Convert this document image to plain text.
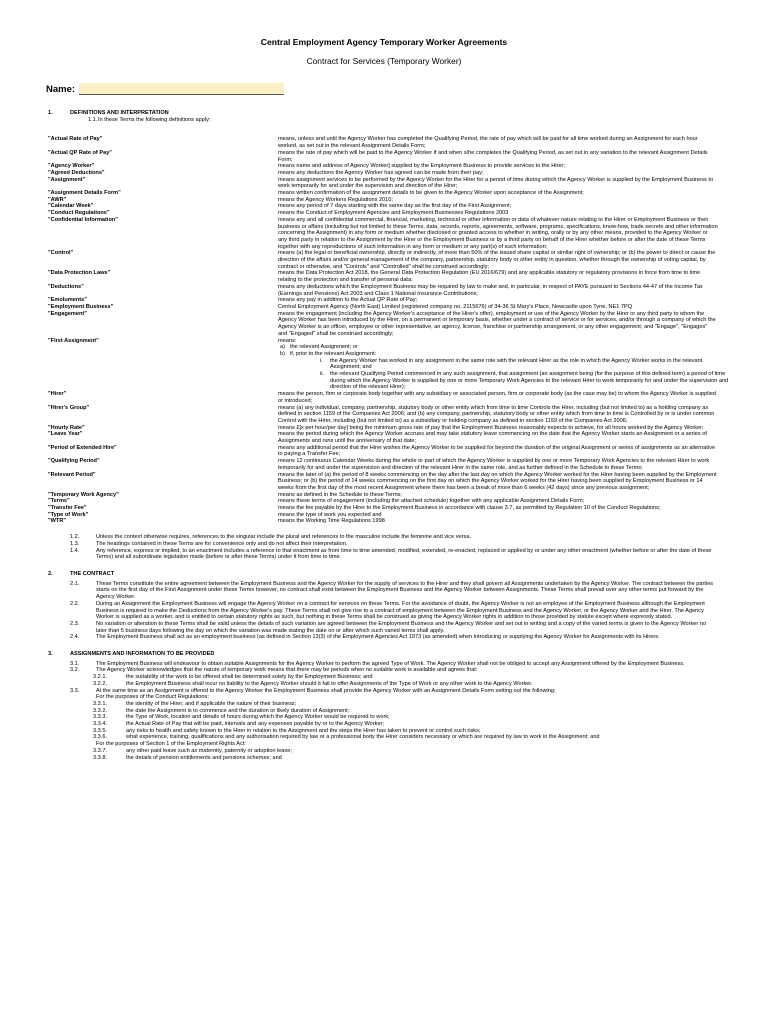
Central Employment Agency Temporary Worker Agreements
Contract for Services (Temporary Worker)
Name:
1.	DEFINITIONS AND INTERPRETATION
1.1. In these Terms the following definitions apply:
"Actual Rate of Pay"	means, unless and until the Agency Worker has completed the Qualifying Period, the rate of pay which will be paid for all time worked during an Assignment for each hour worked, as set out in the relevant Assignment Details Form;
"Actual QP Rate of Pay"	means the rate of pay which will be paid to the Agency Worker if and when s/he completes the Qualifying Period, as set out in any variation to the relevant Assignment Details Form;
"Agency Worker"	means name and address of Agency Worker] supplied by the Employment Business to provide services to the Hirer;
"Agreed Deductions"	means any deductions the Agency Worker has agreed can be made from their pay;
"Assignment"	means assignment services to be performed by the Agency Worker for the Hirer for a period of time during which the Agency Worker is supplied by the Employment Business to work temporarily for and under the supervision and direction of the Hirer;
"Assignment Details Form"	means written confirmation of the assignment details to be given to the Agency Worker upon acceptance of the Assignment;
"AWR"	means the Agency Workers Regulations 2010;
"Calendar Week"	means any period of 7 days starting with the same day as the first day of the First Assignment;
"Conduct Regulations"	means the Conduct of Employment Agencies and Employment Businesses Regulations 2003
"Confidential Information"	means any and all confidential commercial, financial, marketing, technical or other information or data of whatever nature relating to the Hirer or Employment Business or their business or affairs (including but not limited to these Terms, data, records, reports, agreements, software, programs, specifications, know-how, trade secrets and other information concerning the Assignment) in any form or medium whether disclosed or granted access to whether in writing, orally or by any other means, provided to the Agency Worker or any third party in relation to the Assignment by the Hirer or the Employment Business or by a third party on behalf of the Hirer whether before or after the date of these Terms together with any reproductions of such information in any form or medium or any part(s) of such information;
"Control"	means (a) the legal or beneficial ownership, directly or indirectly, of more than 50% of the issued share capital or similar right of ownership; or (b) the power to direct or cause the direction of the affairs and/or general management of the company, partnership, statutory body or other entity in question, whether through the ownership of voting capital, by contract or otherwise, and "Controls" and "Controlled" shall be construed accordingly;
"Data Protection Laws"	means the Data Protection Act 2018, the General Data Protection Regulation (EU 2016/679) and any applicable statutory or regulatory provisions in force from time to time relating to the protection and transfer of personal data;
"Deductions"	means any deductions which the Employment Business may be required by law to make and, in particular, in respect of PAYE pursuant to Sections 44-47 of the Income Tax (Earnings and Pensions) Act 2003 and Class 1 National Insurance Contributions;
"Emoluments"	means any pay in addition to the Actual QP Rate of Pay;
"Employment Business"	Central Employment Agency (North East) Limited (registered company no. 2115676) of 34-36 St Mary's Place, Newcastle upon Tyne, NE1 7PQ
"Engagement"	means the engagement (including the Agency Worker's acceptance of the Hirer's offer), employment or use of the Agency Worker by the Hirer or any third party to whom the Agency Worker has been introduced by the Hirer, on a permanent or temporary basis, whether under a contract of service or for services, and/or through a company of which the Agency Worker is an officer, employee or other representative, an agency, license, franchise or partnership arrangement, or any other engagement; and "Engage", "Engages" and "Engaged" shall be construed accordingly;
"First Assignment"	means:
a) the relevant Assignment; or
b) if, prior to the relevant Assignment:
i.	the Agency Worker has worked in any assignment in the same role with the relevant Hirer as the role in which the Agency Worker works in the relevant Assignment; and
ii.	the relevant Qualifying Period commenced in any such assignment, that assignment (an assignment being (for the purpose of this defined term) a period of time during which the Agency Worker is supplied by one or more Temporary Work Agencies to the relevant Hirer to work temporarily for and under the supervision and direction of the relevant Hirer);
"Hirer"	means the person, firm or corporate body together with any subsidiary or associated person, firm or corporate body (as the case may be) to whom the Agency Worker is supplied or introduced;
"Hirer's Group"	means (a) any individual, company, partnership, statutory body or other entity which from time to time Controls the Hirer, including (but not limited to) as a holding company as defined in section 1159 of the Companies Act 2006; and (b) any company, partnership, statutory body or other entity which from time to time is Controlled by or is under common Control with the Hirer, including (but not limited to) as a subsidiary or holding company as defined in section 1159 of the Companies Act 2006;
"Hourly Rate"	means £[x per hour/per day] being the minimum gross rate of pay that the Employment Business reasonably expects to achieve, for all hours worked by the Agency Worker;
"Leave Year"	means the period during which the Agency Worker accrues and may take statutory leave commencing on the date that the Agency Worker starts an Assignment or a series of Assignments and runs until the anniversary of that date;
"Period of Extended Hire"	means any additional period that the Hirer wishes the Agency Worker to be supplied for beyond the duration of the original Assignment or series of assignments as an alternative to paying a Transfer Fee;
"Qualifying Period"	means 12 continuous Calendar Weeks during the whole or part of which the Agency Worker is supplied by one or more Temporary Work Agencies to the relevant Hirer to work temporarily for and under the supervision and direction of the relevant Hirer in the same role, and as further defined in the Schedule to these Terms;
"Relevant Period"	means the later of (a) the period of 8 weeks commencing on the day after the last day on which the Agency Worker worked for the Hirer having been supplied by the Employment Business; or (b) the period of 14 weeks commencing on the first day on which the Agency Worker worked for the Hirer having been supplied by Employment Business or 14 weeks from the first day of the most recent Assignment where there has been a break of more than 6 weeks (42 days) since any previous assignment;
"Temporary Work Agency"	means as defined in the Schedule to these Terms;
"Terms"	means these terms of engagement (including the attached schedule) together with any applicable Assignment Details Form;
"Transfer Fee"	means the fee payable by the Hirer to the Employment Business in accordance with clause 3.7, as permitted by Regulation 10 of the Conduct Regulations;
"Type of Work"	means the type of work you expected and
"WTR"	means the Working Time Regulations 1998
1.2.	Unless the context otherwise requires, references to the singular include the plural and references to the masculine include the feminine and vice versa.
1.3.	The headings contained in these Terms are for convenience only and do not affect their interpretation.
1.4.	Any reference, express or implied, to an enactment includes a reference to that enactment as from time to time amended, modified, extended, re-enacted, replaced or applied by or under any other enactment (whether before or after the date of these Terms) and all subordinate legislation made (before or after these Terms) under it from time to time.
2.	THE CONTRACT
2.1.	These Terms constitute the entire agreement between the Employment Business and the Agency Worker for the supply of services to the Hirer and they shall govern all Assignments undertaken by the Agency Worker. The contract between the parties starts on the first day of the First Assignment under these Terms however, no contract shall exist between the Employment Business and the Agency Worker between Assignments. These Terms shall prevail over any other terms put forward by the Agency Worker.
2.2.	During an Assignment the Employment Business will engage the Agency Worker on a contract for services on these Terms. For the avoidance of doubt, the Agency Worker is not an employee of the Employment Business although the Employment Business is required to make the Deductions from the Agency Worker's pay. These Terms shall not give rise to a contract of employment between the Employment Business and the Agency Worker, or the Agency Worker and the Hirer. The Agency Worker is supplied as a worker, and is entitled to certain statutory rights as such, but nothing in these Terms shall be construed as giving the Agency Worker rights in addition to those provided by statute except where expressly stated.
2.3.	No variation or alteration to these Terms shall be valid unless the details of such variation are agreed between the Employment Business and the Agency Worker and set out in writing and a copy of the varied terms is given to the Agency Worker no later than 5 business days following the day on which the variation was made stating the date on or after which such varied terms shall apply.
2.4.	The Employment Business shall act as an employment business (as defined in Section 13(3) of the Employment Agencies Act 1973 (as amended) when introducing or supplying the Agency Worker for Assignments with its Hirers.
3.	ASSIGNMENTS AND INFORMATION TO BE PROVIDED
3.1.	The Employment Business will endeavour to obtain suitable Assignments for the Agency Worker to perform the agreed Type of Work. The Agency Worker shall not be obliged to accept any Assignment offered by the Employment Business.
3.2.	The Agency Worker acknowledges that the nature of temporary work means that there may be periods when no suitable work is available and agrees that:
3.2.1.	the suitability of the work to be offered shall be determined solely by the Employment Business; and
3.2.2.	the Employment Business shall incur no liability to the Agency Worker should it fail to offer Assignments of the Type of Work or any other work to the Agency Worker.
3.3.	At the same time as an Assignment is offered to the Agency Worker the Employment Business shall provide the Agency Worker with an Assignment Details Form setting out the following:
For the purposes of the Conduct Regulations:
3.3.1.	the identity of the Hirer, and if applicable the nature of their business;
3.3.2.	the date the Assignment is to commence and the duration or likely duration of Assignment;
3.3.3.	the Type of Work, location and details of hours during which the Agency Worker would be required to work;
3.3.4.	the Actual Rate of Pay that will be paid, intervals and any expenses payable by or to the Agency Worker;
3.3.5.	any risks to health and safety known to the Hirer in relation to the Assignment and the steps the Hirer has taken to prevent or control such risks;
3.3.6.	what experience, training, qualifications and any authorisation required by law or a professional body the Hirer considers necessary or which are required by law to work in the Assignment; and
For the purposes of Section 1 of the Employment Rights Act:
3.3.7.	any other paid leave such as maternity, paternity or adoption leave;
3.3.8.	the details of pension entitlements and pensions schemes; and
